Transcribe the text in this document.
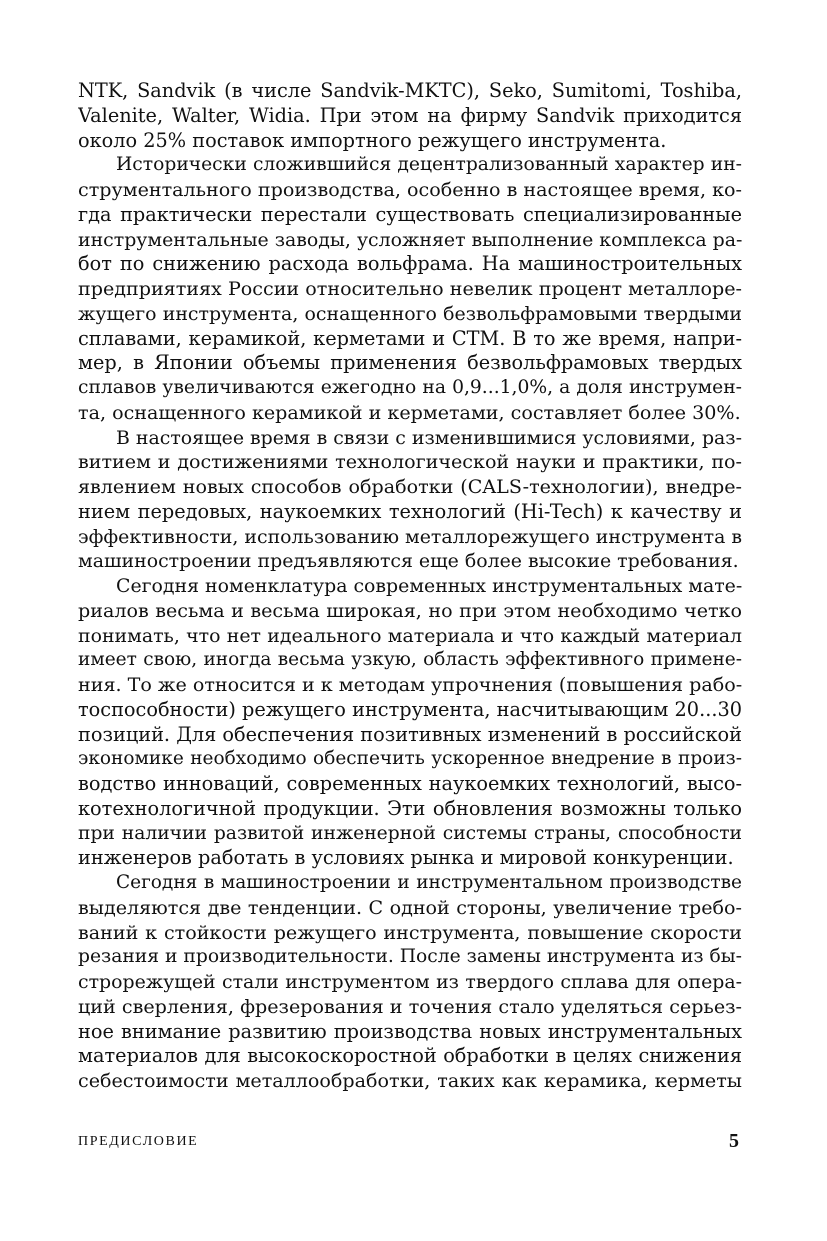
NTK, Sandvik (в числе Sandvik-MKTC), Seko, Sumitomi, Toshiba,
Valenite, Walter, Widia. При этом на фирму Sandvik приходится
около 25% поставок импортного режущего инструмента.
Исторически сложившийся децентрализованный характер ин-
струментального производства, особенно в настоящее время, ко-
гда практически перестали существовать специализированные
инструментальные заводы, усложняет выполнение комплекса ра-
бот по снижению расхода вольфрама. На машиностроительных
предприятиях России относительно невелик процент металлоре-
жущего инструмента, оснащенного безвольфрамовыми твердыми
сплавами, керамикой, керметами и СТМ. В то же время, напри-
мер, в Японии объемы применения безвольфрамовых твердых
сплавов увеличиваются ежегодно на 0,9...1,0%, а доля инструмен-
та, оснащенного керамикой и керметами, составляет более 30%.
В настоящее время в связи с изменившимися условиями, раз-
витием и достижениями технологической науки и практики, по-
явлением новых способов обработки (CALS-технологии), внедре-
нием передовых, наукоемких технологий (Hi-Tech) к качеству и
эффективности, использованию металлорежущего инструмента в
машиностроении предъявляются еще более высокие требования.
Сегодня номенклатура современных инструментальных мате-
риалов весьма и весьма широкая, но при этом необходимо четко
понимать, что нет идеального материала и что каждый материал
имеет свою, иногда весьма узкую, область эффективного примене-
ния. То же относится и к методам упрочнения (повышения рабо-
тоспособности) режущего инструмента, насчитывающим 20...30
позиций. Для обеспечения позитивных изменений в российской
экономике необходимо обеспечить ускоренное внедрение в произ-
водство инноваций, современных наукоемких технологий, высо-
котехнологичной продукции. Эти обновления возможны только
при наличии развитой инженерной системы страны, способности
инженеров работать в условиях рынка и мировой конкуренции.
Сегодня в машиностроении и инструментальном производстве
выделяются две тенденции. С одной стороны, увеличение требо-
ваний к стойкости режущего инструмента, повышение скорости
резания и производительности. После замены инструмента из бы-
строрежущей стали инструментом из твердого сплава для опера-
ций сверления, фрезерования и точения стало уделяться серьез-
ное внимание развитию производства новых инструментальных
материалов для высокоскоростной обработки в целях снижения
себестоимости металлообработки, таких как керамика, керметы
ПРЕДИСЛОВИЕ	5
